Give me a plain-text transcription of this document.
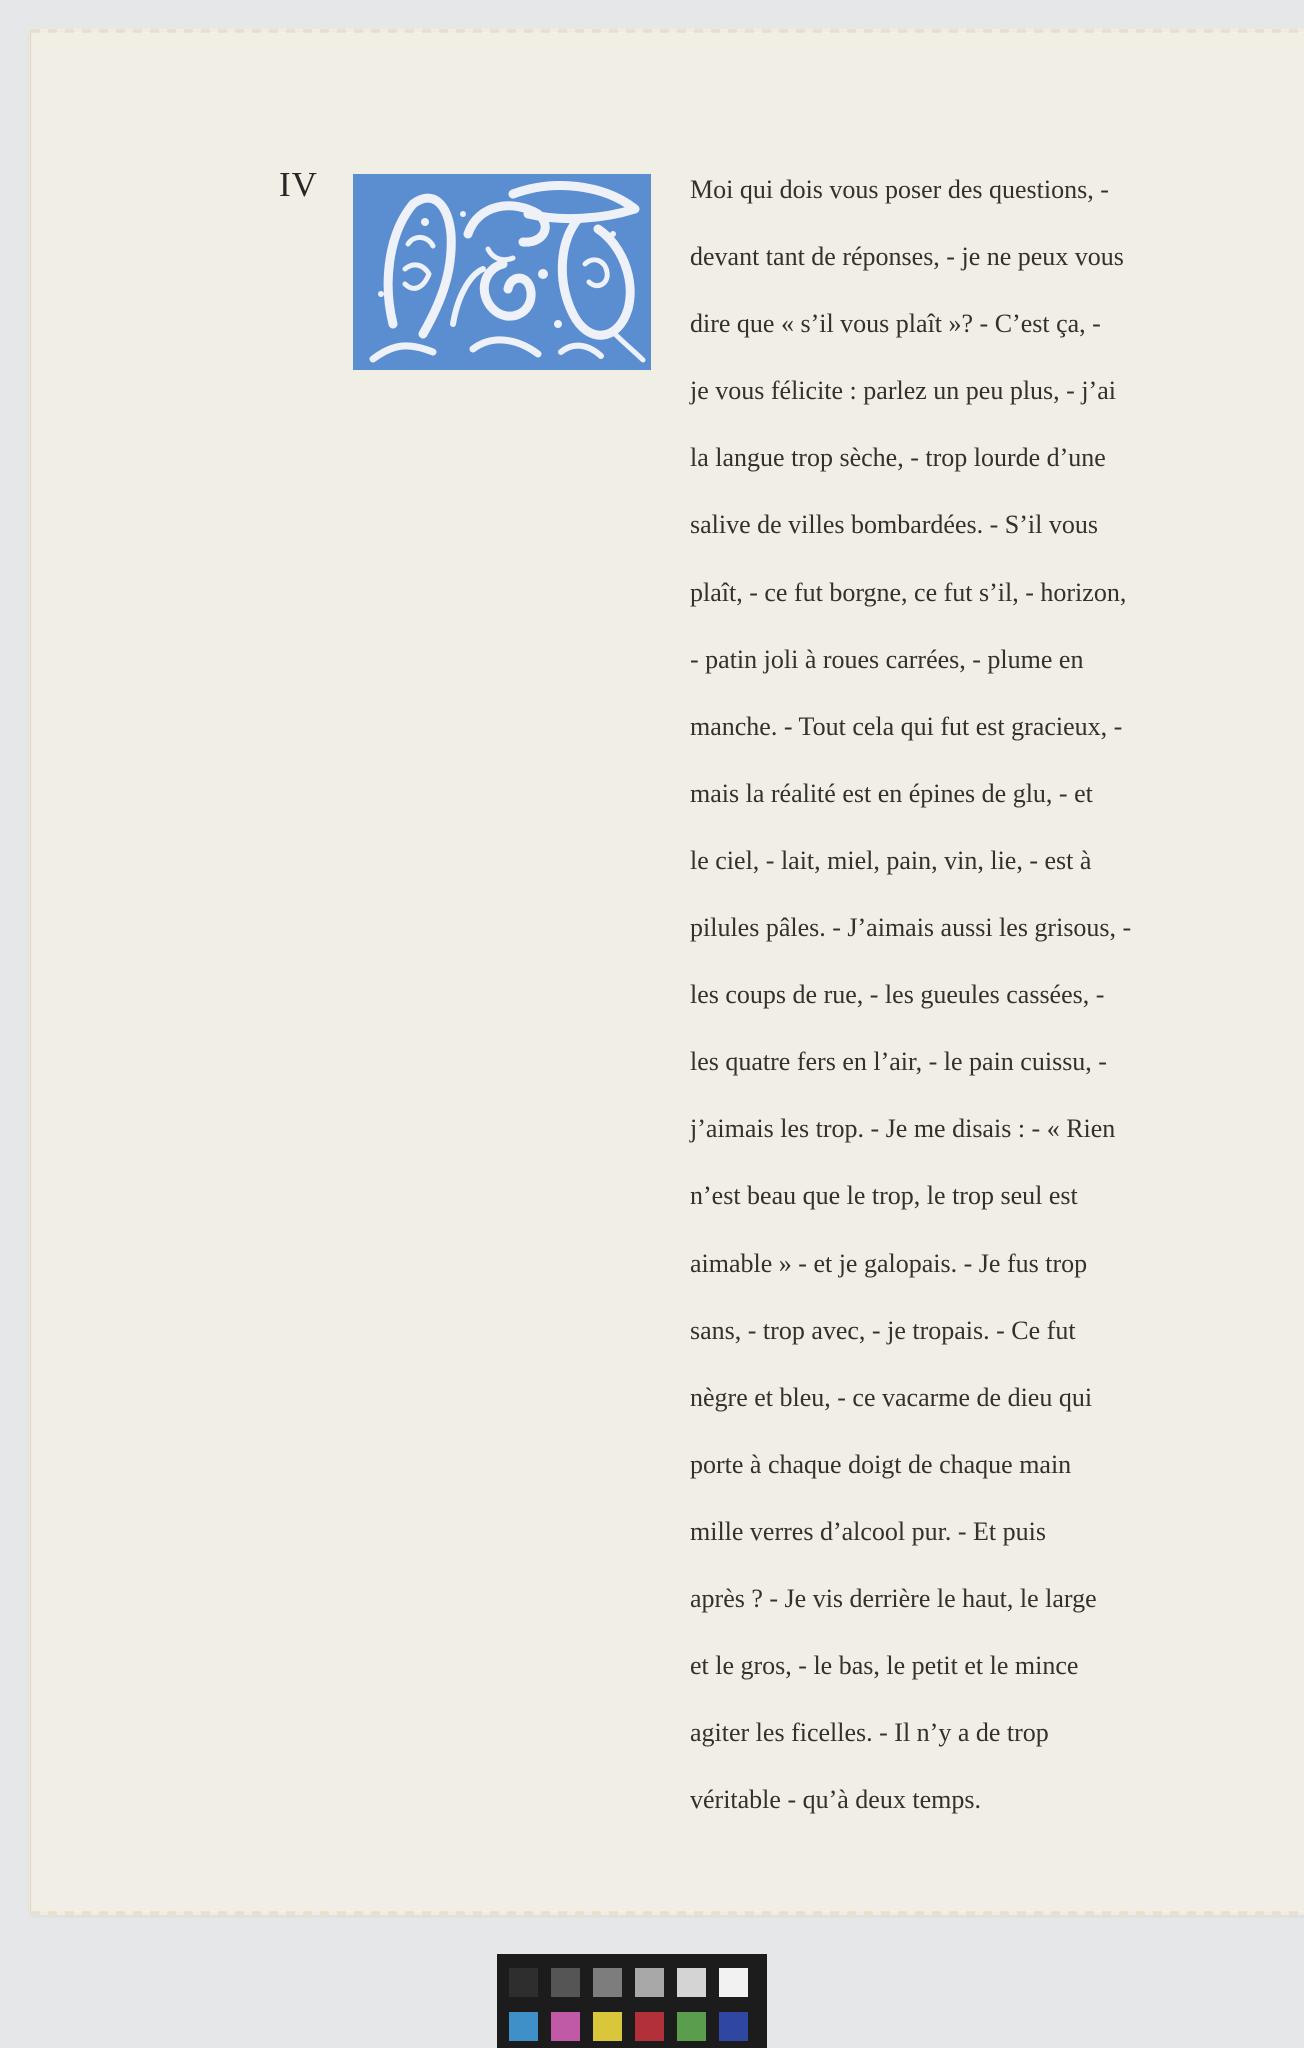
IV	Moi qui dois vous poser des questions, -
devant tant de réponses, - je ne peux vous
dire que « s’il vous plaît »? - C’est ça, -
je vous félicite : parlez un peu plus, - j’ai
la langue trop sèche, - trop lourde d’une
salive de villes bombardées. - S’il vous
plaît, - ce fut borgne, ce fut s’il, - horizon,
- patin joli à roues carrées, - plume en
manche. - Tout cela qui fut est gracieux, -
mais la réalité est en épines de glu, - et
le ciel, - lait, miel, pain, vin, lie, - est à
pilules pâles. - J’aimais aussi les grisous, -
les coups de rue, - les gueules cassées, -
les quatre fers en l’air, - le pain cuissu, -
j’aimais les trop. - Je me disais : - « Rien
n’est beau que le trop, le trop seul est
aimable » - et je galopais. - Je fus trop
sans, - trop avec, - je tropais. - Ce fut
nègre et bleu, - ce vacarme de dieu qui
porte à chaque doigt de chaque main
mille verres d’alcool pur. - Et puis
après ? - Je vis derrière le haut, le large
et le gros, - le bas, le petit et le mince
agiter les ficelles. - Il n’y a de trop
véritable - qu’à deux temps.
